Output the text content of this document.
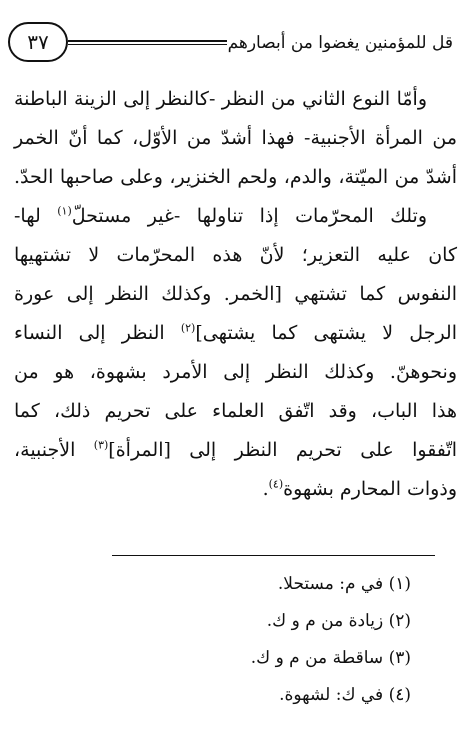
قل للمؤمنين يغضوا من أبصارهم
٣٧
وأمّا النوع الثاني من النظر -كالنظر إلى الزينة الباطنة
من المرأة الأجنبية- فهذا أشدّ من الأوّل، كما أنّ الخمر
أشدّ من الميّتة، والدم، ولحم الخنزير، وعلى صاحبها الحدّ.
وتلك المحرّمات إذا تناولها -غير مستحلّ$^{(١)}$ لها-
كان عليه التعزير؛ لأنّ هذه المحرّمات لا تشتهيها
النفوس كما تشتهي [الخمر. وكذلك النظر إلى عورة
الرجل لا يشتهى كما يشتهى]$^{(٢)}$ النظر إلى النساء
ونحوهنّ. وكذلك النظر إلى الأمرد بشهوة، هو من
هذا الباب، وقد اتّفق العلماء على تحريم ذلك، كما
اتّفقوا على تحريم النظر إلى [المرأة]$^{(٣)}$ الأجنبية،
وذوات المحارم بشهوة$^{(٤)}$.
(١) في م: مستحلا.
(٢) زيادة من م و ك.
(٣) ساقطة من م و ك.
(٤) في ك: لشهوة.
